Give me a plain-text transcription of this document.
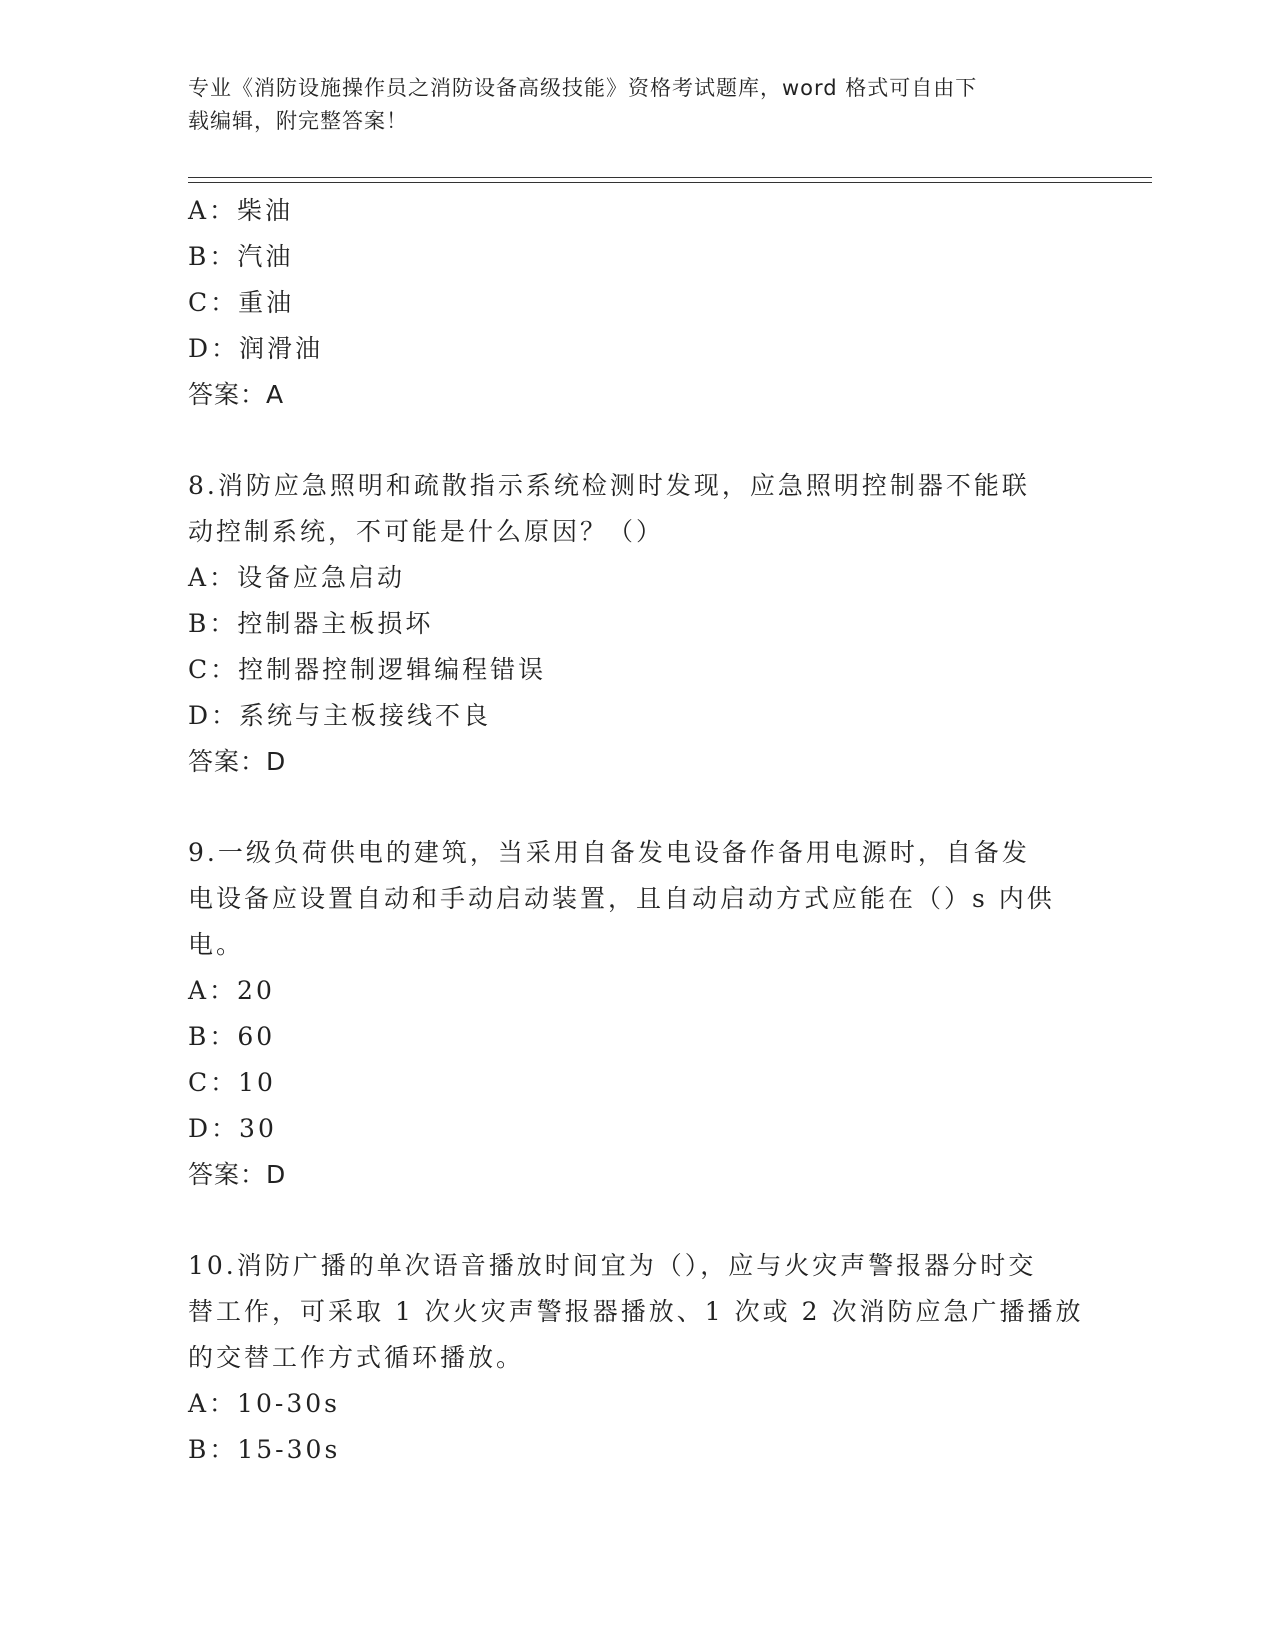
专业《消防设施操作员之消防设备高级技能》资格考试题库，word 格式可自由下
载编辑，附完整答案！
A：柴油
B：汽油
C：重油
D：润滑油
答案：A
8.消防应急照明和疏散指示系统检测时发现，应急照明控制器不能联
动控制系统，不可能是什么原因？（）
A：设备应急启动
B：控制器主板损坏
C：控制器控制逻辑编程错误
D：系统与主板接线不良
答案：D
9.一级负荷供电的建筑，当采用自备发电设备作备用电源时，自备发
电设备应设置自动和手动启动装置，且自动启动方式应能在（）s 内供
电。
A：20
B：60
C：10
D：30
答案：D
10.消防广播的单次语音播放时间宜为（），应与火灾声警报器分时交
替工作，可采取 1 次火灾声警报器播放、1 次或 2 次消防应急广播播放
的交替工作方式循环播放。
A：10-30s
B：15-30s
